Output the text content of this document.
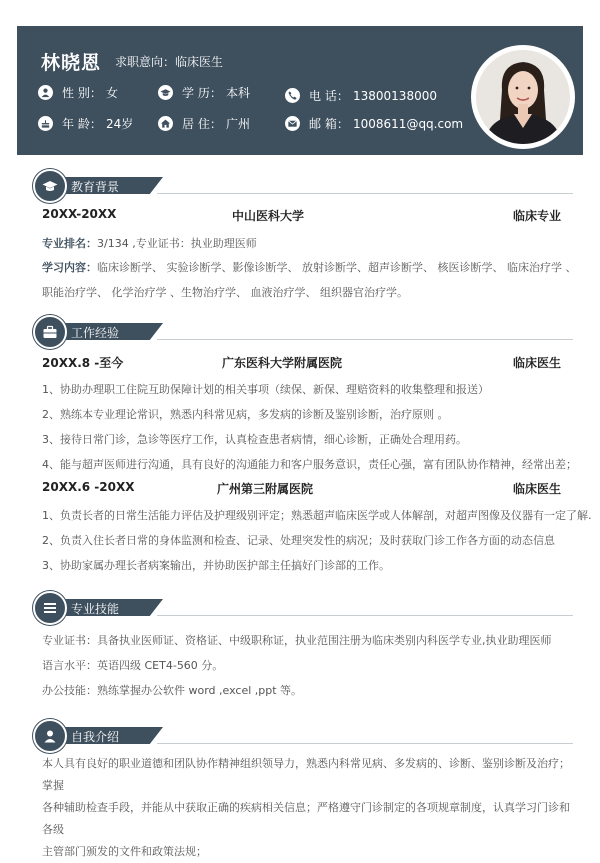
林晓恩 求职意向：临床医生
性 别： 女	学 历： 本科	电 话： 13800138000
年 龄： 24岁	居 住： 广州	邮 箱： 1008611@qq.com
教育背景
20XX-20XX	中山医科大学	临床专业
专业排名：3/134 ,专业证书：执业助理医师
学习内容：临床诊断学、 实验诊断学、影像诊断学、 放射诊断学、超声诊断学、 核医诊断学、 临床治疗学 、
职能治疗学、 化学治疗学 、生物治疗学、 血液治疗学、 组织器官治疗学。
工作经验
20XX.8 -至今	广东医科大学附属医院	临床医生
1、协助办理职工住院互助保障计划的相关事项（续保、新保、理赔资料的收集整理和报送）
2、熟练本专业理论常识，熟悉内科常见病，多发病的诊断及鉴别诊断，治疗原则 。
3、接待日常门诊，急诊等医疗工作，认真检查患者病情，细心诊断，正确处合理用药。
4、能与超声医师进行沟通，具有良好的沟通能力和客户服务意识，责任心强，富有团队协作精神，经常出差；
20XX.6 -20XX	广州第三附属医院	临床医生
1、负责长者的日常生活能力评估及护理级别评定；熟悉超声临床医学或人体解剖，对超声图像及仪器有一定了解.
2、负责入住长者日常的身体监测和检查、记录、处理突发性的病况；及时获取门诊工作各方面的动态信息
3、协助家属办理长者病案输出，并协助医护部主任搞好门诊部的工作。
专业技能
专业证书：具备执业医师证、资格证、中级职称证，执业范围注册为临床类别内科医学专业,执业助理医师
语言水平：英语四级 CET4-560 分。
办公技能：熟练掌握办公软件 word ,excel ,ppt 等。
自我介绍
本人具有良好的职业道德和团队协作精神组织领导力，熟悉内科常见病、多发病的、诊断、鉴别诊断及治疗；掌握
各种辅助检查手段，并能从中获取正确的疾病相关信息；严格遵守门诊制定的各项规章制度，认真学习门诊和各级
主管部门颁发的文件和政策法规；
